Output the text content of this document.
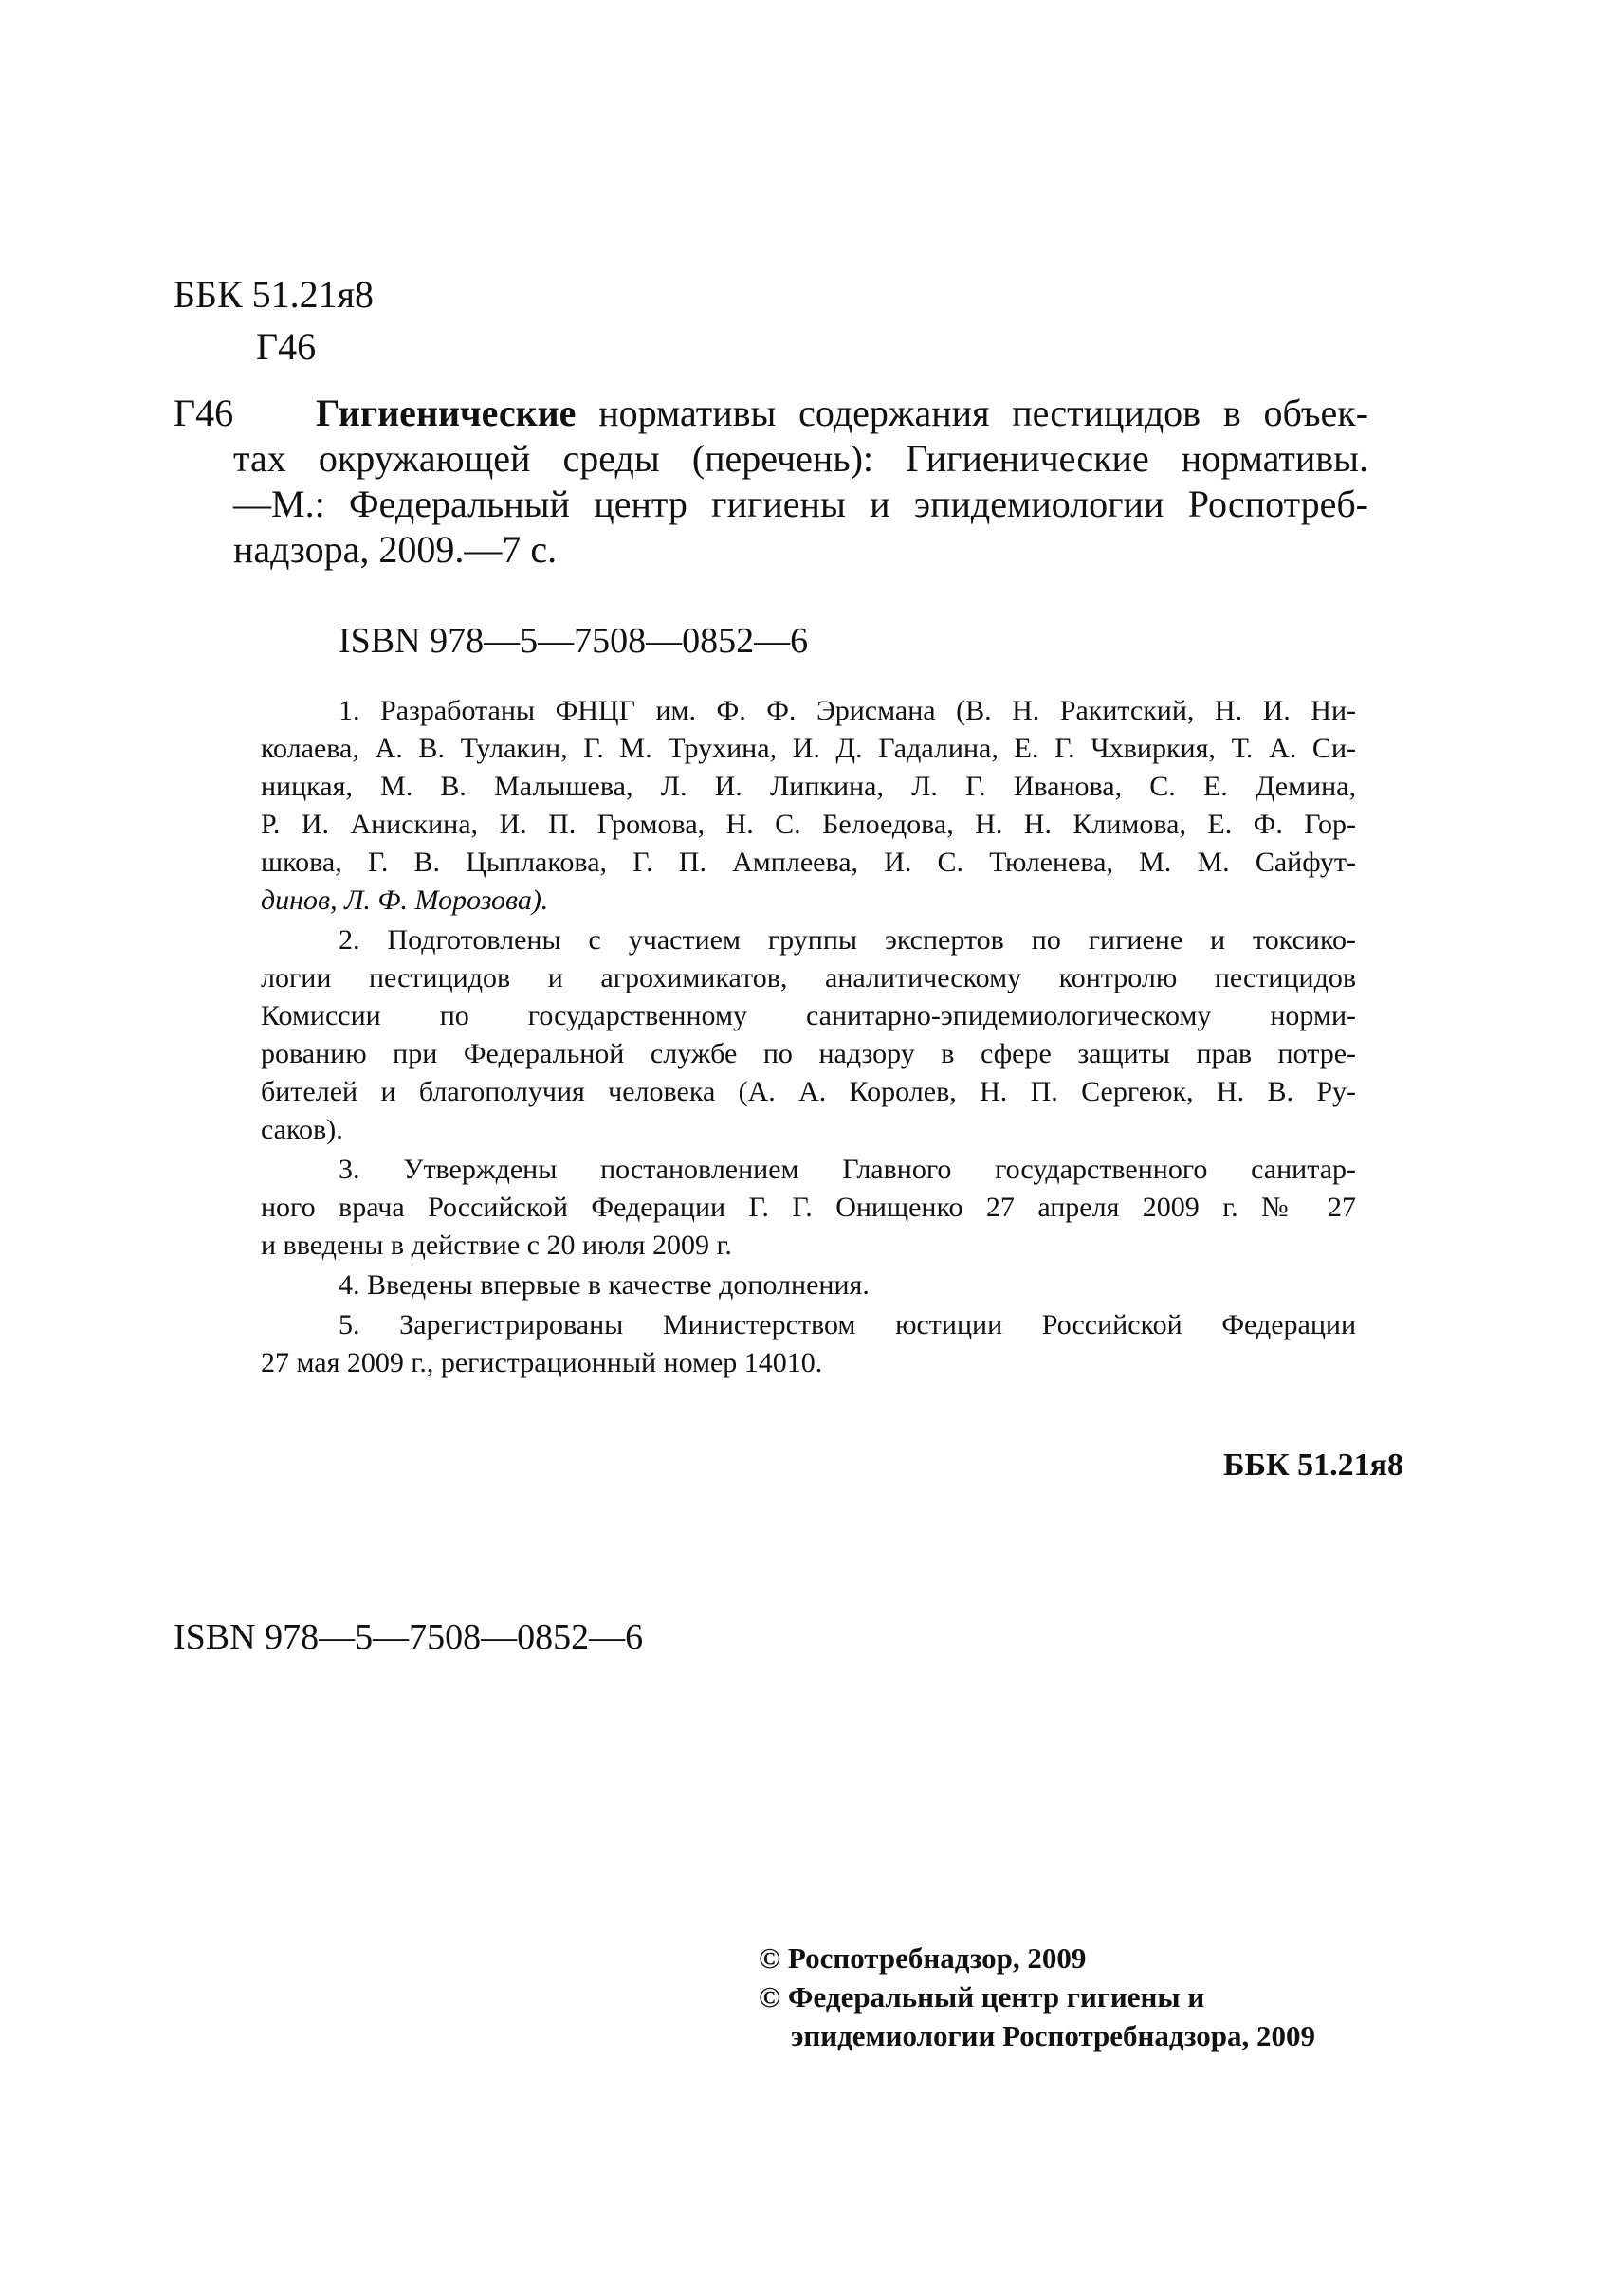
ББК 51.21я8
Г46
Г46	Гигиенические нормативы содержания пестицидов в объек-
тах окружающей среды (перечень): Гигиенические нормативы.
—М.: Федеральный центр гигиены и эпидемиологии Роспотреб-
надзора, 2009.—7 с.
ISBN 978—5—7508—0852—6
1. Разработаны ФНЦГ им. Ф. Ф. Эрисмана (В. Н. Ракитский, Н. И. Ни-
колаева, А. В. Тулакин, Г. М. Трухина, И. Д. Гадалина, Е. Г. Чхвиркия, Т. А. Си-
ницкая, М. В. Малышева, Л. И. Липкина, Л. Г. Иванова, С. Е. Демина,
Р. И. Анискина, И. П. Громова, Н. С. Белоедова, Н. Н. Климова, Е. Ф. Гор-
шкова, Г. В. Цыплакова, Г. П. Амплеева, И. С. Тюленева, М. М. Сайфут-
динов, Л. Ф. Морозова).
2. Подготовлены с участием группы экспертов по гигиене и токсико-
логии пестицидов и агрохимикатов, аналитическому контролю пестицидов
Комиссии по государственному санитарно-эпидемиологическому норми-
рованию при Федеральной службе по надзору в сфере защиты прав потре-
бителей и благополучия человека (А. А. Королев, Н. П. Сергеюк, Н. В. Ру-
саков).
3. Утверждены постановлением Главного государственного санитар-
ного врача Российской Федерации Г. Г. Онищенко 27 апреля 2009 г. № 27
и введены в действие с 20 июля 2009 г.
4. Введены впервые в качестве дополнения.
5. Зарегистрированы Министерством юстиции Российской Федерации
27 мая 2009 г., регистрационный номер 14010.
ББК 51.21я8
ISBN 978—5—7508—0852—6
© Роспотребнадзор, 2009
© Федеральный центр гигиены и
эпидемиологии Роспотребнадзора, 2009
